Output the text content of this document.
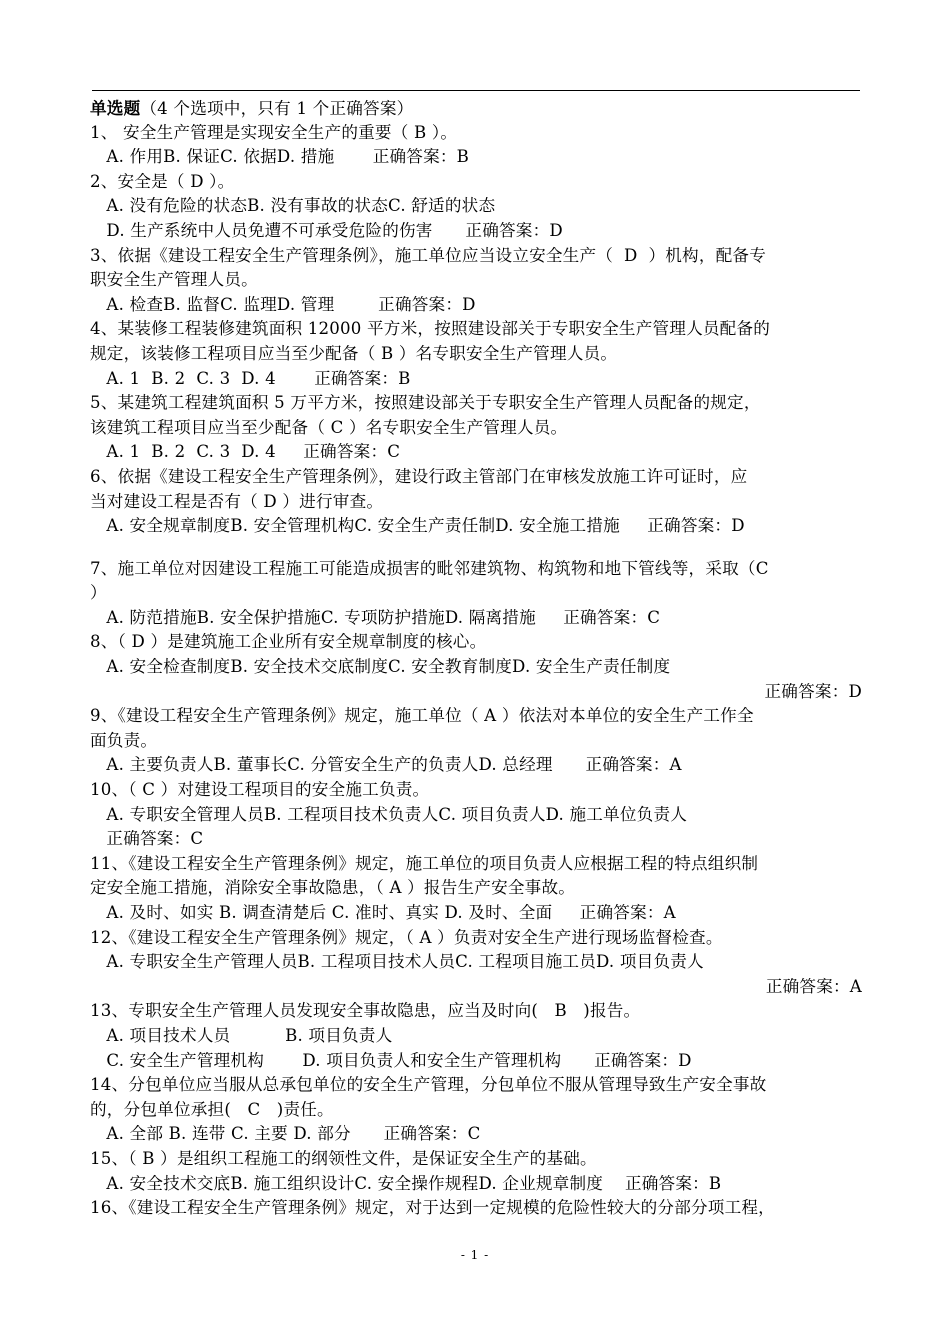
单选题（4 个选项中，只有 1 个正确答案）
1、 安全生产管理是实现安全生产的重要（ B ）。
A. 作用B. 保证C. 依据D. 措施       正确答案：B
2、安全是（ D ）。
A. 没有危险的状态B. 没有事故的状态C. 舒适的状态
D. 生产系统中人员免遭不可承受危险的伤害      正确答案：D
3、依据《建设工程安全生产管理条例》，施工单位应当设立安全生产（  D  ）机构，配备专
职安全生产管理人员。
A. 检查B. 监督C. 监理D. 管理        正确答案：D
4、某装修工程装修建筑面积 12000 平方米，按照建设部关于专职安全生产管理人员配备的
规定，该装修工程项目应当至少配备（ B ）名专职安全生产管理人员。
A. 1  B. 2  C. 3  D. 4       正确答案：B
5、某建筑工程建筑面积 5 万平方米，按照建设部关于专职安全生产管理人员配备的规定，
该建筑工程项目应当至少配备（ C ）名专职安全生产管理人员。
A. 1  B. 2  C. 3  D. 4     正确答案：C
6、依据《建设工程安全生产管理条例》，建设行政主管部门在审核发放施工许可证时，应
当对建设工程是否有（ D ）进行审查。
A. 安全规章制度B. 安全管理机构C. 安全生产责任制D. 安全施工措施     正确答案：D
7、施工单位对因建设工程施工可能造成损害的毗邻建筑物、构筑物和地下管线等，采取（C
）
A. 防范措施B. 安全保护措施C. 专项防护措施D. 隔离措施     正确答案：C
8、（ D ）是建筑施工企业所有安全规章制度的核心。
A. 安全检查制度B. 安全技术交底制度C. 安全教育制度D. 安全生产责任制度
正确答案：D
9、《建设工程安全生产管理条例》规定，施工单位（ A ）依法对本单位的安全生产工作全
面负责。
A. 主要负责人B. 董事长C. 分管安全生产的负责人D. 总经理      正确答案：A
10、（ C ）对建设工程项目的安全施工负责。
A. 专职安全管理人员B. 工程项目技术负责人C. 项目负责人D. 施工单位负责人
正确答案：C
11、《建设工程安全生产管理条例》规定，施工单位的项目负责人应根据工程的特点组织制
定安全施工措施，消除安全事故隐患，（ A ）报告生产安全事故。
A. 及时、如实 B. 调查清楚后 C. 准时、真实 D. 及时、全面     正确答案：A
12、《建设工程安全生产管理条例》规定，（ A ）负责对安全生产进行现场监督检查。
A. 专职安全生产管理人员B. 工程项目技术人员C. 工程项目施工员D. 项目负责人
正确答案：A
13、专职安全生产管理人员发现安全事故隐患，应当及时向(   B   )报告。
A. 项目技术人员          B. 项目负责人
C. 安全生产管理机构       D. 项目负责人和安全生产管理机构      正确答案：D
14、分包单位应当服从总承包单位的安全生产管理，分包单位不服从管理导致生产安全事故
的，分包单位承担(   C   )责任。
A. 全部 B. 连带 C. 主要 D. 部分      正确答案：C
15、（ B ）是组织工程施工的纲领性文件，是保证安全生产的基础。
A. 安全技术交底B. 施工组织设计C. 安全操作规程D. 企业规章制度    正确答案：B
16、《建设工程安全生产管理条例》规定，对于达到一定规模的危险性较大的分部分项工程，
- 1 -
